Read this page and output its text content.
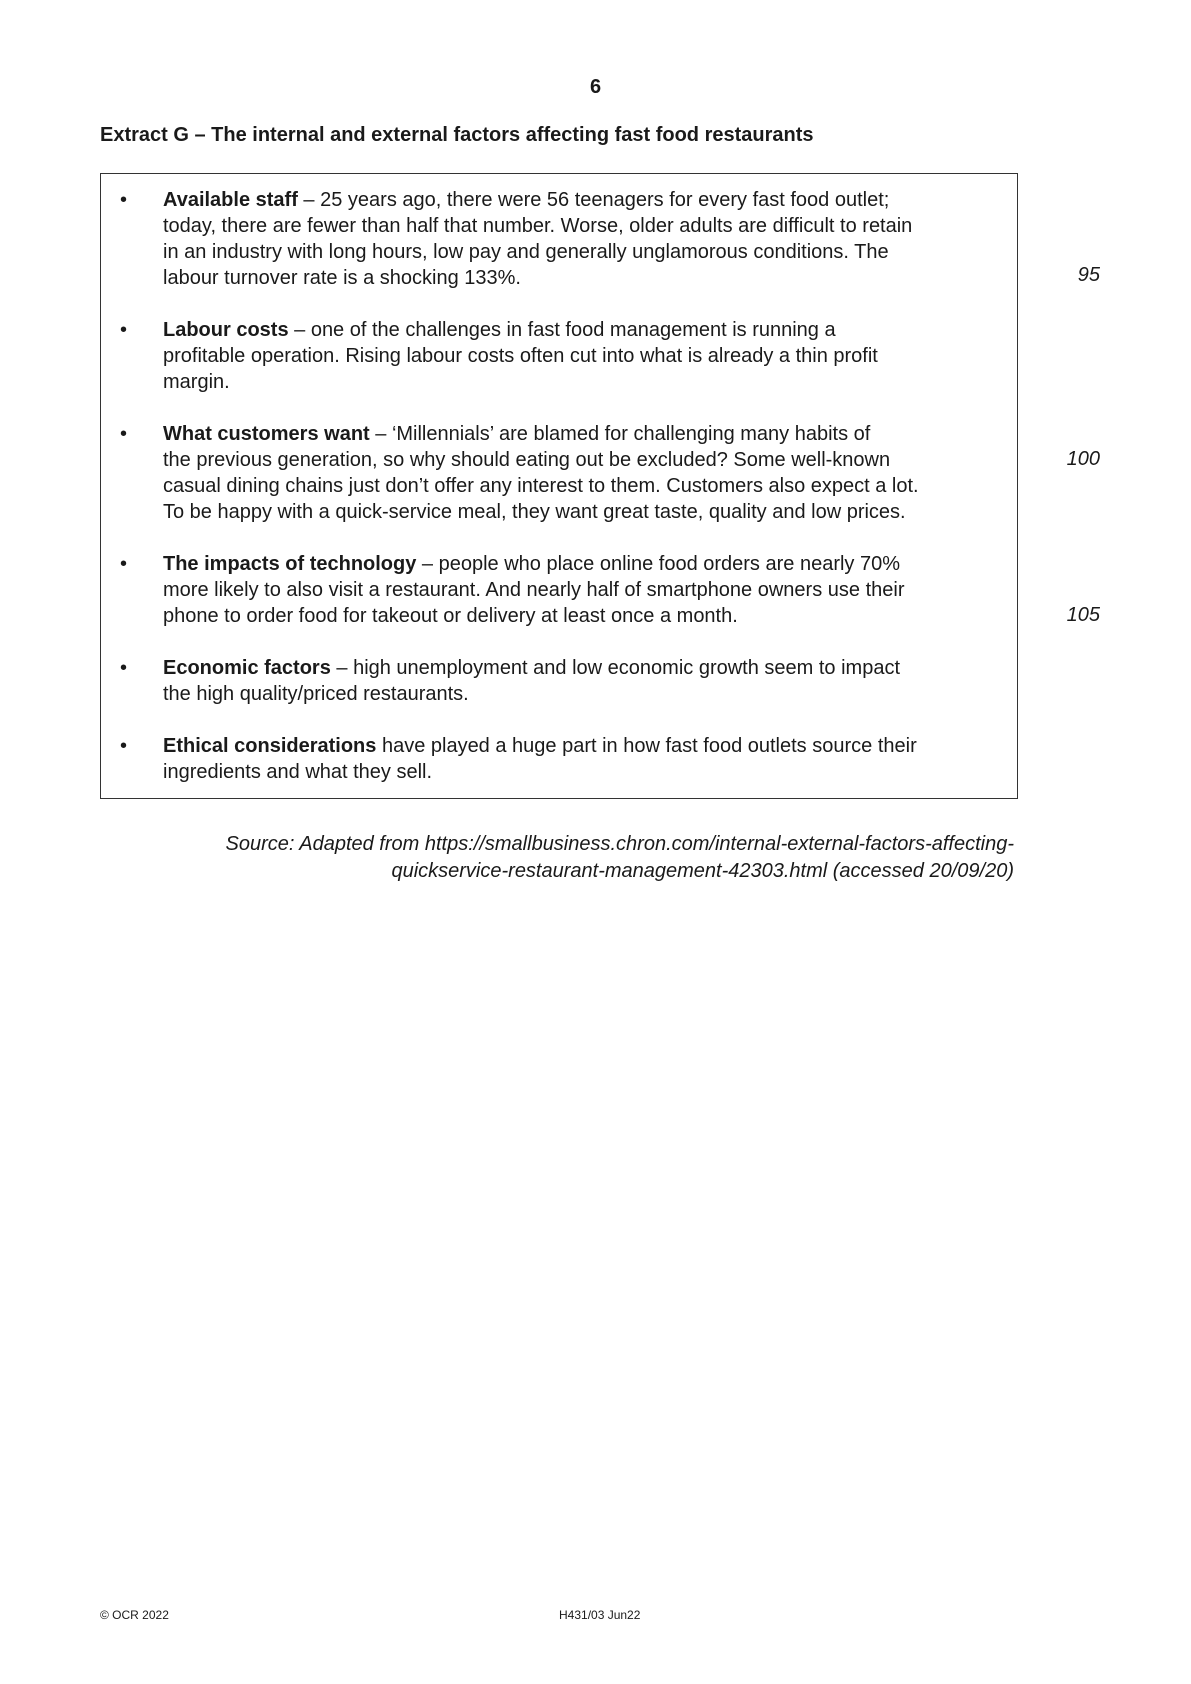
6
Extract G – The internal and external factors affecting fast food restaurants
• Available staff – 25 years ago, there were 56 teenagers for every fast food outlet;
today, there are fewer than half that number. Worse, older adults are difficult to retain
in an industry with long hours, low pay and generally unglamorous conditions. The
labour turnover rate is a shocking 133%.
• Labour costs – one of the challenges in fast food management is running a
profitable operation. Rising labour costs often cut into what is already a thin profit
margin.
• What customers want – ‘Millennials’ are blamed for challenging many habits of
the previous generation, so why should eating out be excluded? Some well-known
casual dining chains just don’t offer any interest to them. Customers also expect a lot.
To be happy with a quick-service meal, they want great taste, quality and low prices.
• The impacts of technology – people who place online food orders are nearly 70%
more likely to also visit a restaurant. And nearly half of smartphone owners use their
phone to order food for takeout or delivery at least once a month.
• Economic factors – high unemployment and low economic growth seem to impact
the high quality/priced restaurants.
• Ethical considerations have played a huge part in how fast food outlets source their
ingredients and what they sell.
95
100
105
Source: Adapted from https://smallbusiness.chron.com/internal-external-factors-affecting-
quickservice-restaurant-management-42303.html (accessed 20/09/20)
© OCR 2022	H431/03 Jun22
